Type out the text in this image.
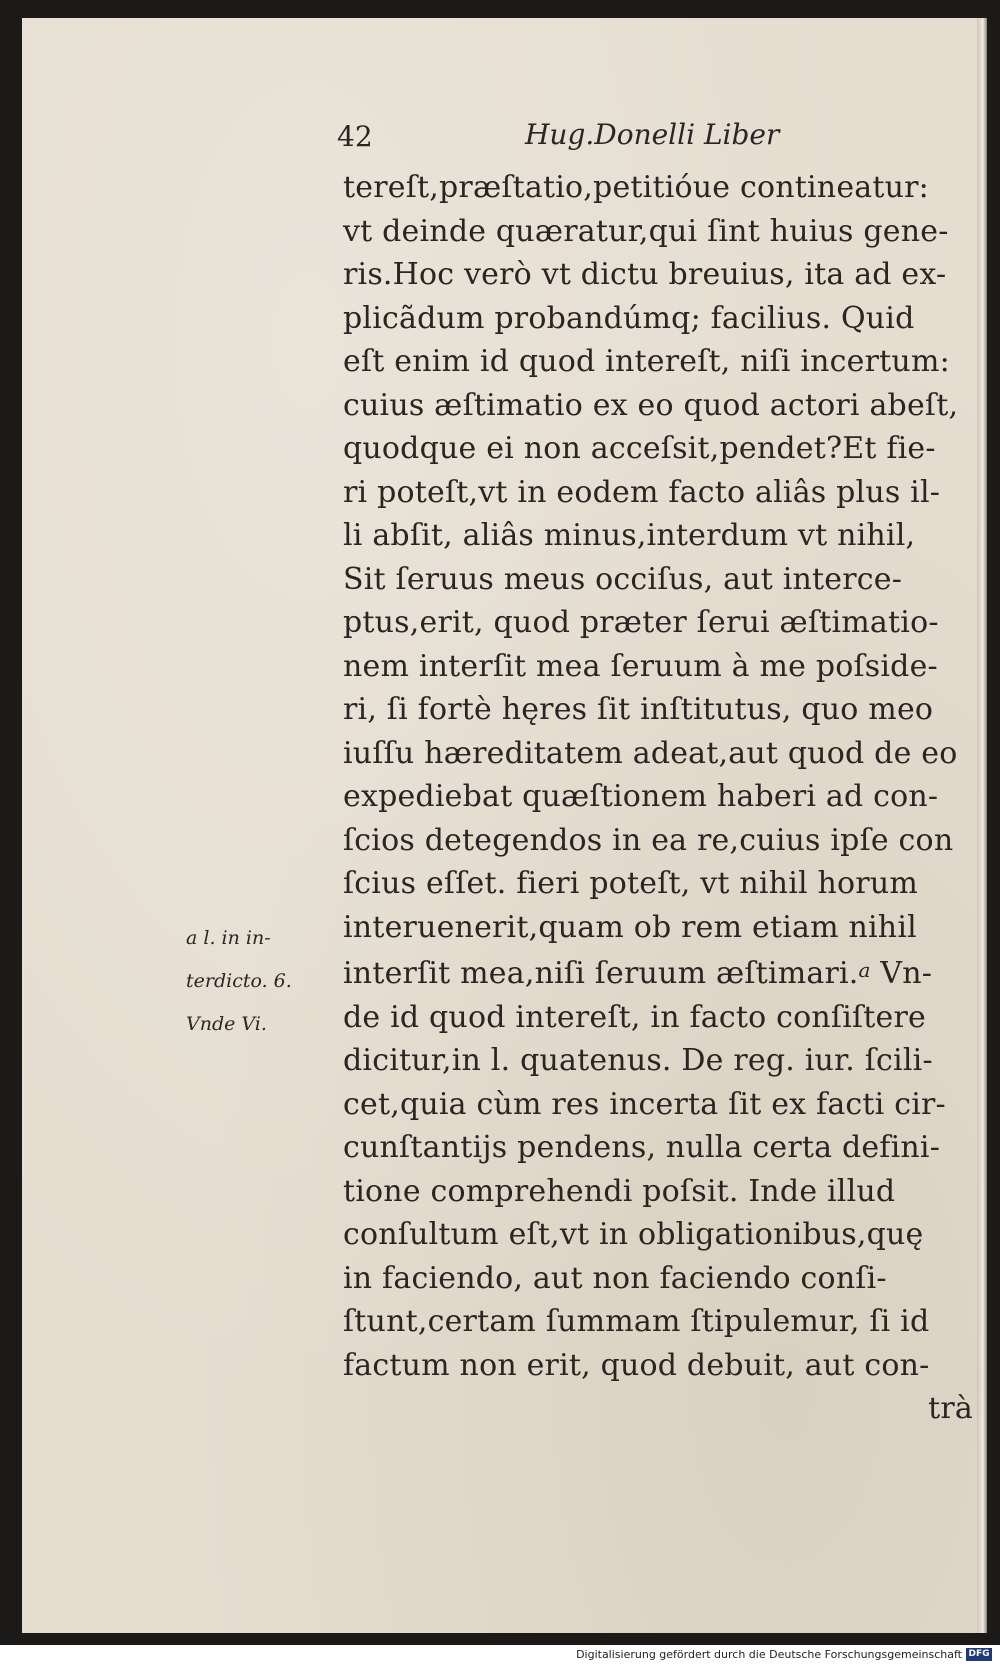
42	Hug.Donelli Liber
tereſt,præſtatio,petitióue contineatur:
vt deinde quæratur,qui ſint huius gene-
ris.Hoc verò vt dictu breuius, ita ad ex-
plicãdum probandúmq; facilius. Quid
eſt enim id quod intereſt, niſi incertum:
cuius æſtimatio ex eo quod actori abeſt,
quodque ei non acceſsit,pendet?Et fie-
ri poteſt,vt in eodem facto aliâs plus il-
li abſit, aliâs minus,interdum vt nihil,
Sit ſeruus meus occiſus, aut interce-
ptus,erit, quod præter ſerui æſtimatio-
nem interſit mea ſeruum à me poſside-
ri, ſi fortè hęres ſit inſtitutus, quo meo
iuſſu hæreditatem adeat,aut quod de eo
expediebat quæſtionem haberi ad con-
ſcios detegendos in ea re,cuius ipſe con
ſcius eſſet. fieri poteſt, vt nihil horum
interuenerit,quam ob rem etiam nihil
interſit mea,niſi ſeruum æſtimari.$^a$ Vn-
de id quod intereſt, in facto conſiſtere
dicitur,in l. quatenus. De reg. iur. ſcili-
cet,quia cùm res incerta ſit ex facti cir-
cunſtantijs pendens, nulla certa defini-
tione comprehendi poſsit. Inde illud
conſultum eſt,vt in obligationibus,quę
in faciendo, aut non faciendo conſi-
ſtunt,certam ſummam ſtipulemur, ſi id
factum non erit, quod debuit, aut con-
trà
a l. in in-
terdicto. 6.
Vnde Vi.
Digitalisierung gefördert durch die Deutsche Forschungsgemeinschaft DFG
